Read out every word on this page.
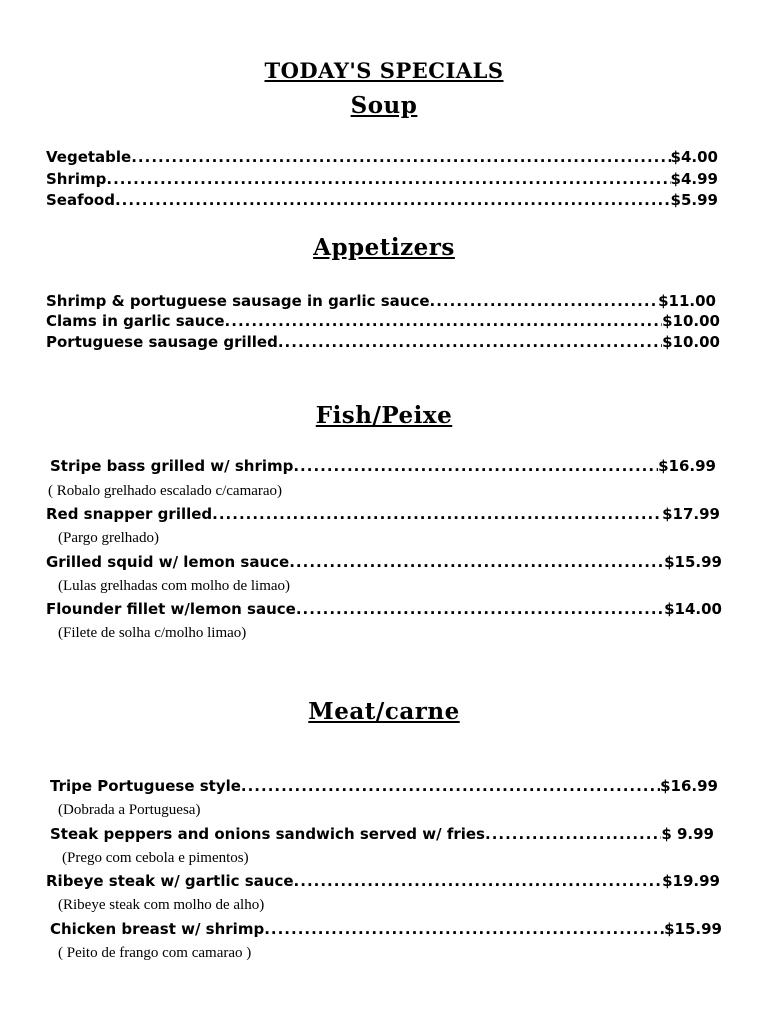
TODAY'S SPECIALS
Soup
Vegetable .....	$4.00
Shrimp .....	$4.99
Seafood .....	$5.99
Appetizers
Shrimp & portuguese sausage in garlic sauce .....	$11.00
Clams in garlic sauce .....	$10.00
Portuguese sausage grilled .....	$10.00
Fish/Peixe
Stripe bass grilled w/ shrimp .....	$16.99
( Robalo grelhado escalado c/camarao)
Red snapper grilled .....	$17.99
(Pargo grelhado)
Grilled squid w/ lemon sauce .....	$15.99
(Lulas grelhadas com molho de limao)
Flounder fillet w/lemon sauce .....	$14.00
(Filete de solha c/molho limao)
Meat/carne
Tripe Portuguese style .....	$16.99
(Dobrada a Portuguesa)
Steak peppers and onions sandwich served w/ fries .....	$ 9.99
(Prego com cebola e pimentos)
Ribeye steak w/ gartlic sauce .....	$19.99
(Ribeye steak com molho de alho)
Chicken breast w/ shrimp .....	$15.99
( Peito de frango com camarao )
